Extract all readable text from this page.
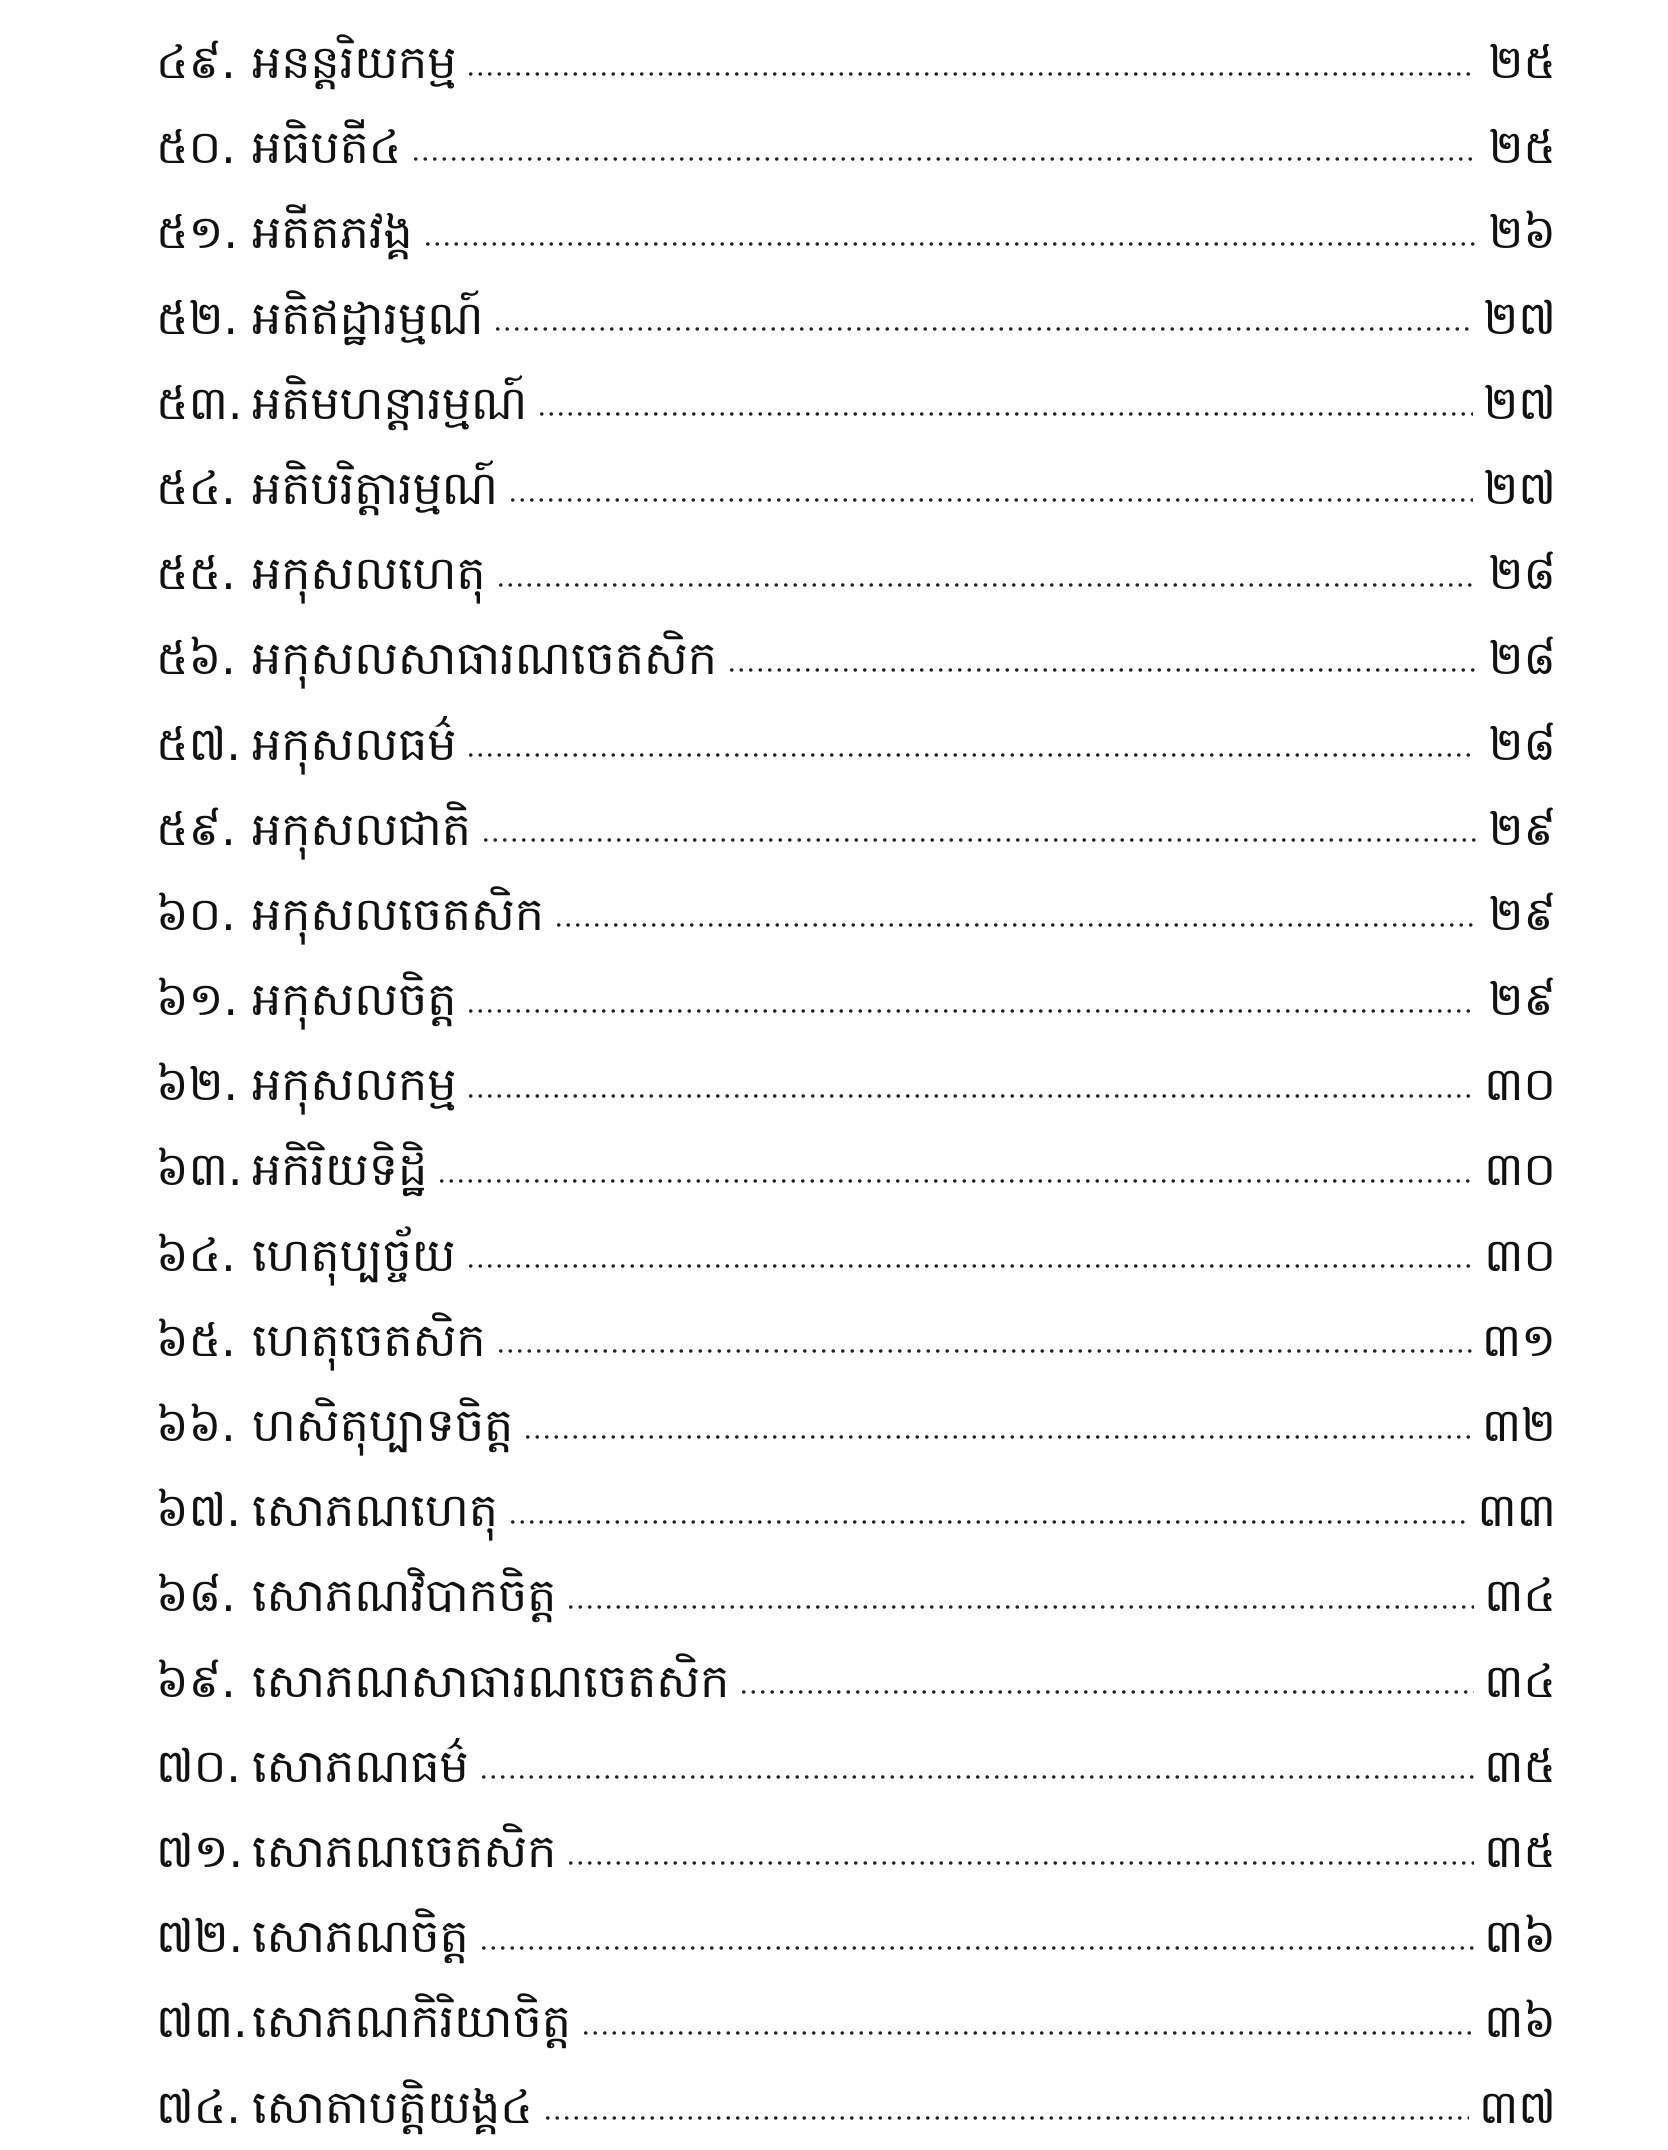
៤៩. អនន្តរិយកម្ម	២៥
៥០. អធិបតី៤	២៥
៥១. អតីតភវង្គ	២៦
៥២. អតិឥដ្ឋារម្មណ៍	២៧
៥៣. អតិមហន្តារម្មណ៍	២៧
៥៤. អតិបរិត្តារម្មណ៍	២៧
៥៥. អកុសលហេតុ	២៨
៥៦. អកុសលសាធារណចេតសិក	២៨
៥៧. អកុសលធម៌	២៨
៥៩. អកុសលជាតិ	២៩
៦០. អកុសលចេតសិក	២៩
៦១. អកុសលចិត្ត	២៩
៦២. អកុសលកម្ម	៣០
៦៣. អកិរិយទិដ្ឋិ	៣០
៦៤. ហេតុប្បច្ច័យ	៣០
៦៥. ហេតុចេតសិក	៣១
៦៦. ហសិតុប្បាទចិត្ត	៣២
៦៧. សោភណហេតុ	៣៣
៦៨. សោភណវិបាកចិត្ត	៣៤
៦៩. សោភណសាធារណចេតសិក	៣៤
៧០. សោភណធម៌	៣៥
៧១. សោភណចេតសិក	៣៥
៧២. សោភណចិត្ត	៣៦
៧៣. សោភណកិរិយាចិត្ត	៣៦
៧៤. សោតាបត្តិយង្គ៤	៣៧
